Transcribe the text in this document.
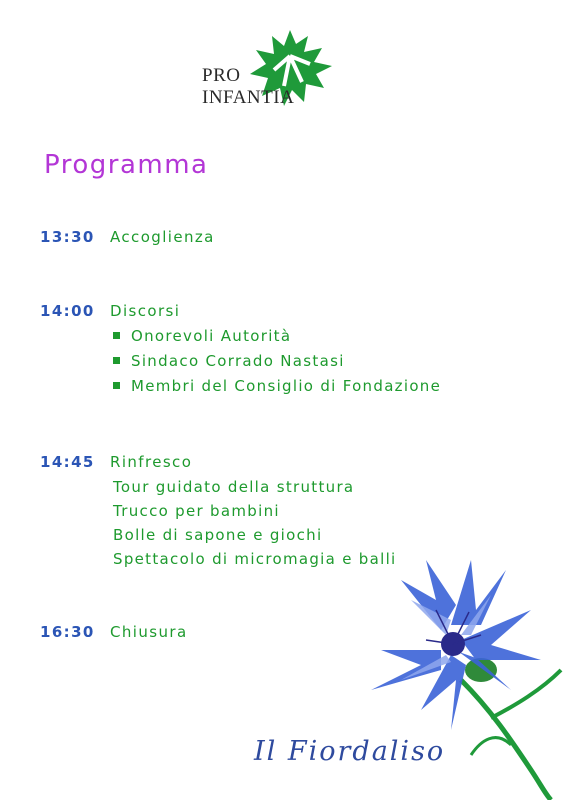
PRO
INFANTIA
Programma
13:30 Accoglienza
14:00 Discorsi
Onorevoli Autorità
Sindaco Corrado Nastasi
Membri del Consiglio di Fondazione
14:45 Rinfresco
Tour guidato della struttura
Trucco per bambini
Bolle di sapone e giochi
Spettacolo di micromagia e balli
16:30 Chiusura
Il Fiordaliso
